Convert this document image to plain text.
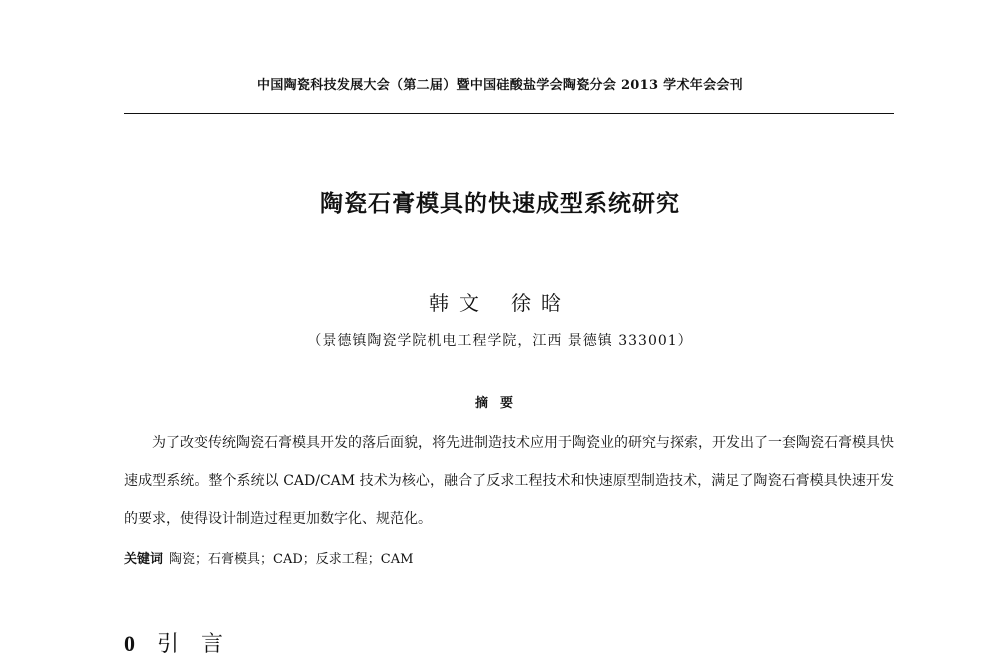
中国陶瓷科技发展大会（第二届）暨中国硅酸盐学会陶瓷分会 2013 学术年会会刊
陶瓷石膏模具的快速成型系统研究
韩文 徐晗
（景德镇陶瓷学院机电工程学院，江西 景德镇 333001）
摘要

为了改变传统陶瓷石膏模具开发的落后面貌，将先进制造技术应用于陶瓷业的研究与探索，开发出了一套陶瓷石膏模具快速成型系统。整个系统以 CAD/CAM 技术为核心，融合了反求工程技术和快速原型制造技术，满足了陶瓷石膏模具快速开发的要求，使得设计制造过程更加数字化、规范化。

关键词 陶瓷；石膏模具；CAD；反求工程；CAM
0 引言
